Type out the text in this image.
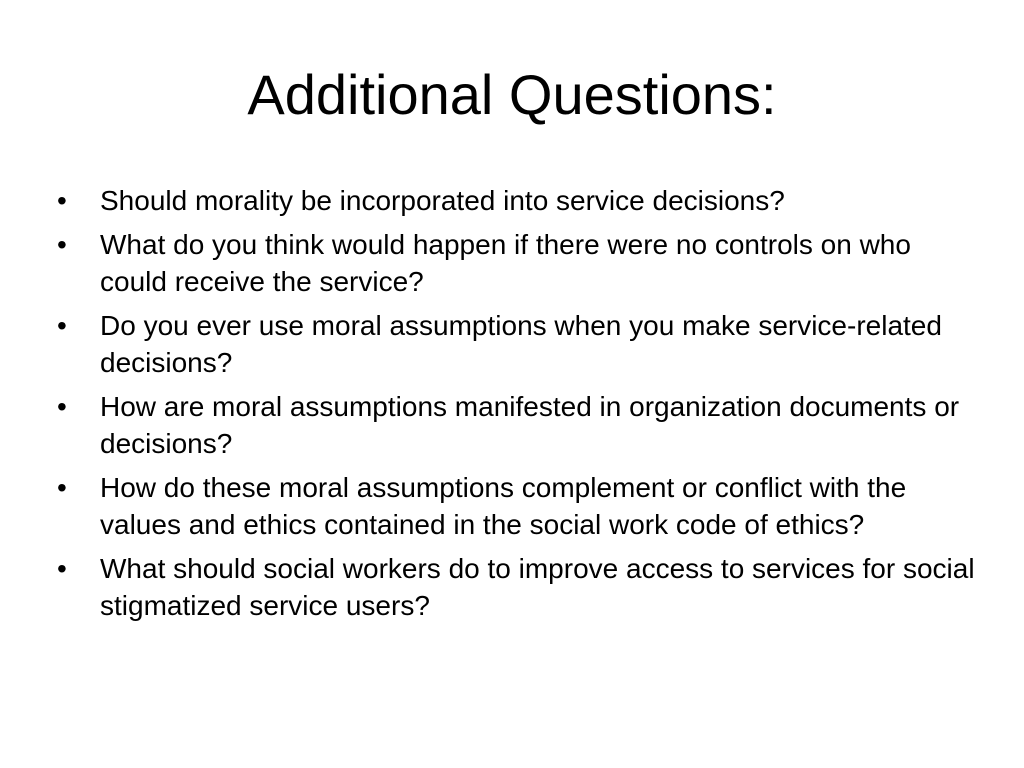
Additional Questions:
•	Should morality be incorporated into service decisions?
•	What do you think would happen if there were no controls on who could receive the service?
•	Do you ever use moral assumptions when you make service-related decisions?
•	How are moral assumptions manifested in organization documents or decisions?
•	How do these moral assumptions complement or conflict with the values and ethics contained in the social work code of ethics?
•	What should social workers do to improve access to services for social stigmatized service users?
